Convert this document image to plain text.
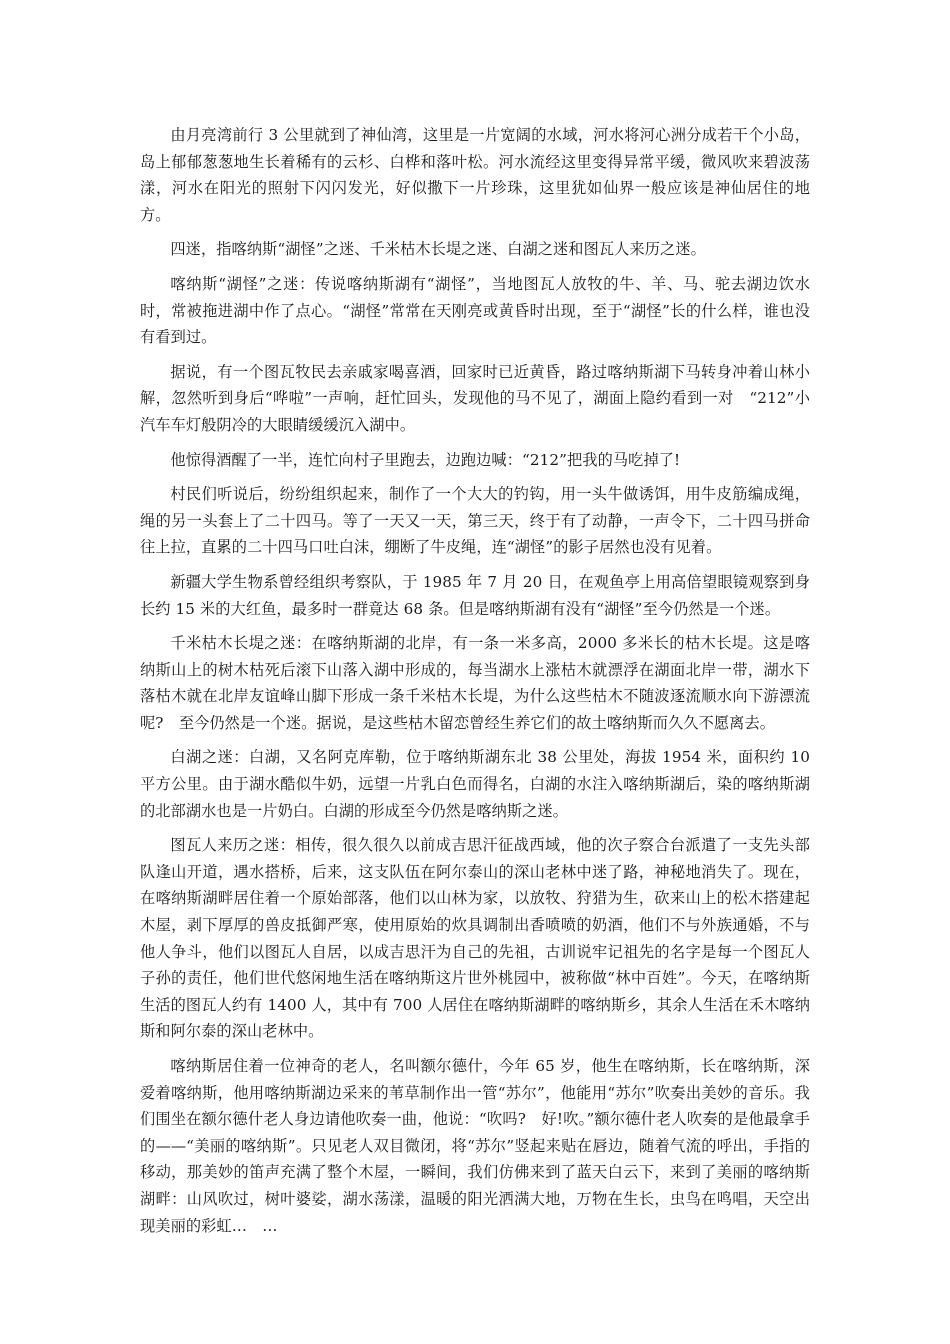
由月亮湾前行 3 公里就到了神仙湾，这里是一片宽阔的水域，河水将河心洲分成若干个小岛，岛上郁郁葱葱地生长着稀有的云杉、白桦和落叶松。河水流经这里变得异常平缓，微风吹来碧波荡漾，河水在阳光的照射下闪闪发光，好似撒下一片珍珠，这里犹如仙界一般应该是神仙居住的地方。

四迷，指喀纳斯“湖怪”之迷、千米枯木长堤之迷、白湖之迷和图瓦人来历之迷。

喀纳斯“湖怪”之迷：传说喀纳斯湖有“湖怪”，当地图瓦人放牧的牛、羊、马、驼去湖边饮水时，常被拖进湖中作了点心。“湖怪”常常在天刚亮或黄昏时出现，至于“湖怪”长的什么样，谁也没有看到过。

据说，有一个图瓦牧民去亲戚家喝喜酒，回家时已近黄昏，路过喀纳斯湖下马转身冲着山林小解，忽然听到身后“哗啦”一声响，赶忙回头，发现他的马不见了，湖面上隐约看到一对　“212”小汽车车灯般阴冷的大眼睛缓缓沉入湖中。

他惊得酒醒了一半，连忙向村子里跑去，边跑边喊：“212”把我的马吃掉了!

村民们听说后，纷纷组织起来，制作了一个大大的钓钩，用一头牛做诱饵，用牛皮筋编成绳，绳的另一头套上了二十四马。等了一天又一天，第三天，终于有了动静，一声令下，二十四马拼命往上拉，直累的二十四马口吐白沫，绷断了牛皮绳，连“湖怪”的影子居然也没有见着。

新疆大学生物系曾经组织考察队，于 1985 年 7 月 20 日，在观鱼亭上用高倍望眼镜观察到身长约 15 米的大红鱼，最多时一群竟达 68 条。但是喀纳斯湖有没有“湖怪”至今仍然是一个迷。

千米枯木长堤之迷：在喀纳斯湖的北岸，有一条一米多高，2000 多米长的枯木长堤。这是喀纳斯山上的树木枯死后滚下山落入湖中形成的，每当湖水上涨枯木就漂浮在湖面北岸一带，湖水下落枯木就在北岸友谊峰山脚下形成一条千米枯木长堤，为什么这些枯木不随波逐流顺水向下游漂流呢?　至今仍然是一个迷。据说，是这些枯木留恋曾经生养它们的故土喀纳斯而久久不愿离去。

白湖之迷：白湖，又名阿克库勒，位于喀纳斯湖东北 38 公里处，海拔 1954 米，面积约 10 平方公里。由于湖水酷似牛奶，远望一片乳白色而得名，白湖的水注入喀纳斯湖后，染的喀纳斯湖的北部湖水也是一片奶白。白湖的形成至今仍然是喀纳斯之迷。

图瓦人来历之迷：相传，很久很久以前成吉思汗征战西域，他的次子察合台派遣了一支先头部队逢山开道，遇水搭桥，后来，这支队伍在阿尔泰山的深山老林中迷了路，神秘地消失了。现在，在喀纳斯湖畔居住着一个原始部落，他们以山林为家，以放牧、狩猎为生，砍来山上的松木搭建起木屋，剥下厚厚的兽皮抵御严寒，使用原始的炊具调制出香喷喷的奶酒，他们不与外族通婚，不与他人争斗，他们以图瓦人自居，以成吉思汗为自己的先祖，古训说牢记祖先的名字是每一个图瓦人子孙的责任，他们世代悠闲地生活在喀纳斯这片世外桃园中，被称做“林中百姓”。今天，在喀纳斯生活的图瓦人约有 1400 人，其中有 700 人居住在喀纳斯湖畔的喀纳斯乡，其余人生活在禾木喀纳斯和阿尔泰的深山老林中。

喀纳斯居住着一位神奇的老人，名叫额尔德什，今年 65 岁，他生在喀纳斯，长在喀纳斯，深爱着喀纳斯，他用喀纳斯湖边采来的苇草制作出一管“苏尔”，他能用“苏尔”吹奏出美妙的音乐。我们围坐在额尔德什老人身边请他吹奏一曲，他说：“吹吗?　好!吹。”额尔德什老人吹奏的是他最拿手的——“美丽的喀纳斯”。只见老人双目微闭，将“苏尔”竖起来贴在唇边，随着气流的呼出，手指的移动，那美妙的笛声充满了整个木屋，一瞬间，我们仿佛来到了蓝天白云下，来到了美丽的喀纳斯湖畔：山风吹过，树叶婆娑，湖水荡漾，温暖的阳光洒满大地，万物在生长，虫鸟在鸣唱，天空出现美丽的彩虹…　…
